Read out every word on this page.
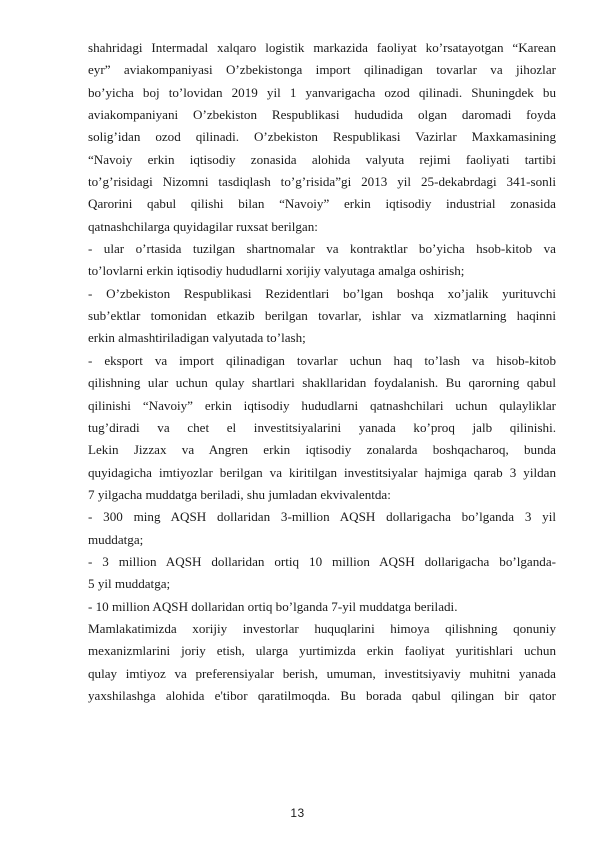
shahridagi Intermadal xalqaro logistik markazida faoliyat ko’rsatayotgan “Karean
eyr” aviakompaniyasi O’zbekistonga import qilinadigan tovarlar va jihozlar
bo’yicha boj to’lovidan 2019 yil 1 yanvarigacha ozod qilinadi. Shuningdek bu
aviakompaniyani O’zbekiston Respublikasi hududida olgan daromadi foyda
solig’idan ozod qilinadi. O’zbekiston Respublikasi Vazirlar Maxkamasining
“Navoiy erkin iqtisodiy zonasida alohida valyuta rejimi faoliyati tartibi
to’g’risidagi Nizomni tasdiqlash to’g’risida”gi 2013 yil 25-dekabrdagi 341-sonli
Qarorini qabul qilishi bilan “Navoiy” erkin iqtisodiy industrial zonasida
qatnashchilarga quyidagilar ruxsat berilgan:
- ular o’rtasida tuzilgan shartnomalar va kontraktlar bo’yicha hsob-kitob va
to’lovlarni erkin iqtisodiy hududlarni xorijiy valyutaga amalga oshirish;
- O’zbekiston Respublikasi Rezidentlari bo’lgan boshqa xo’jalik yurituvchi
sub’ektlar tomonidan etkazib berilgan tovarlar, ishlar va xizmatlarning haqinni
erkin almashtiriladigan valyutada to’lash;
- eksport va import qilinadigan tovarlar uchun haq to’lash va hisob-kitob
qilishning ular uchun qulay shartlari shakllaridan foydalanish. Bu qarorning qabul
qilinishi “Navoiy” erkin iqtisodiy hududlarni qatnashchilari uchun qulayliklar
tug’diradi va chet el investitsiyalarini yanada ko’proq jalb qilinishi.
Lekin Jizzax va Angren erkin iqtisodiy zonalarda boshqacharoq, bunda
quyidagicha imtiyozlar berilgan va kiritilgan investitsiyalar hajmiga qarab 3 yildan
7 yilgacha muddatga beriladi, shu jumladan ekvivalentda:
- 300 ming AQSH dollaridan 3-million AQSH dollarigacha bo’lganda 3 yil
muddatga;
- 3 million AQSH dollaridan ortiq 10 million AQSH dollarigacha bo’lganda-
5 yil muddatga;
- 10 million AQSH dollaridan ortiq bo’lganda 7-yil muddatga beriladi.
Mamlakatimizda xorijiy investorlar huquqlarini himoya qilishning qonuniy
mexanizmlarini joriy etish, ularga yurtimizda erkin faoliyat yuritishlari uchun
qulay imtiyoz va preferensiyalar berish, umuman, investitsiyaviy muhitni yanada
yaxshilashga alohida e'tibor qaratilmoqda. Bu borada qabul qilingan bir qator
13
